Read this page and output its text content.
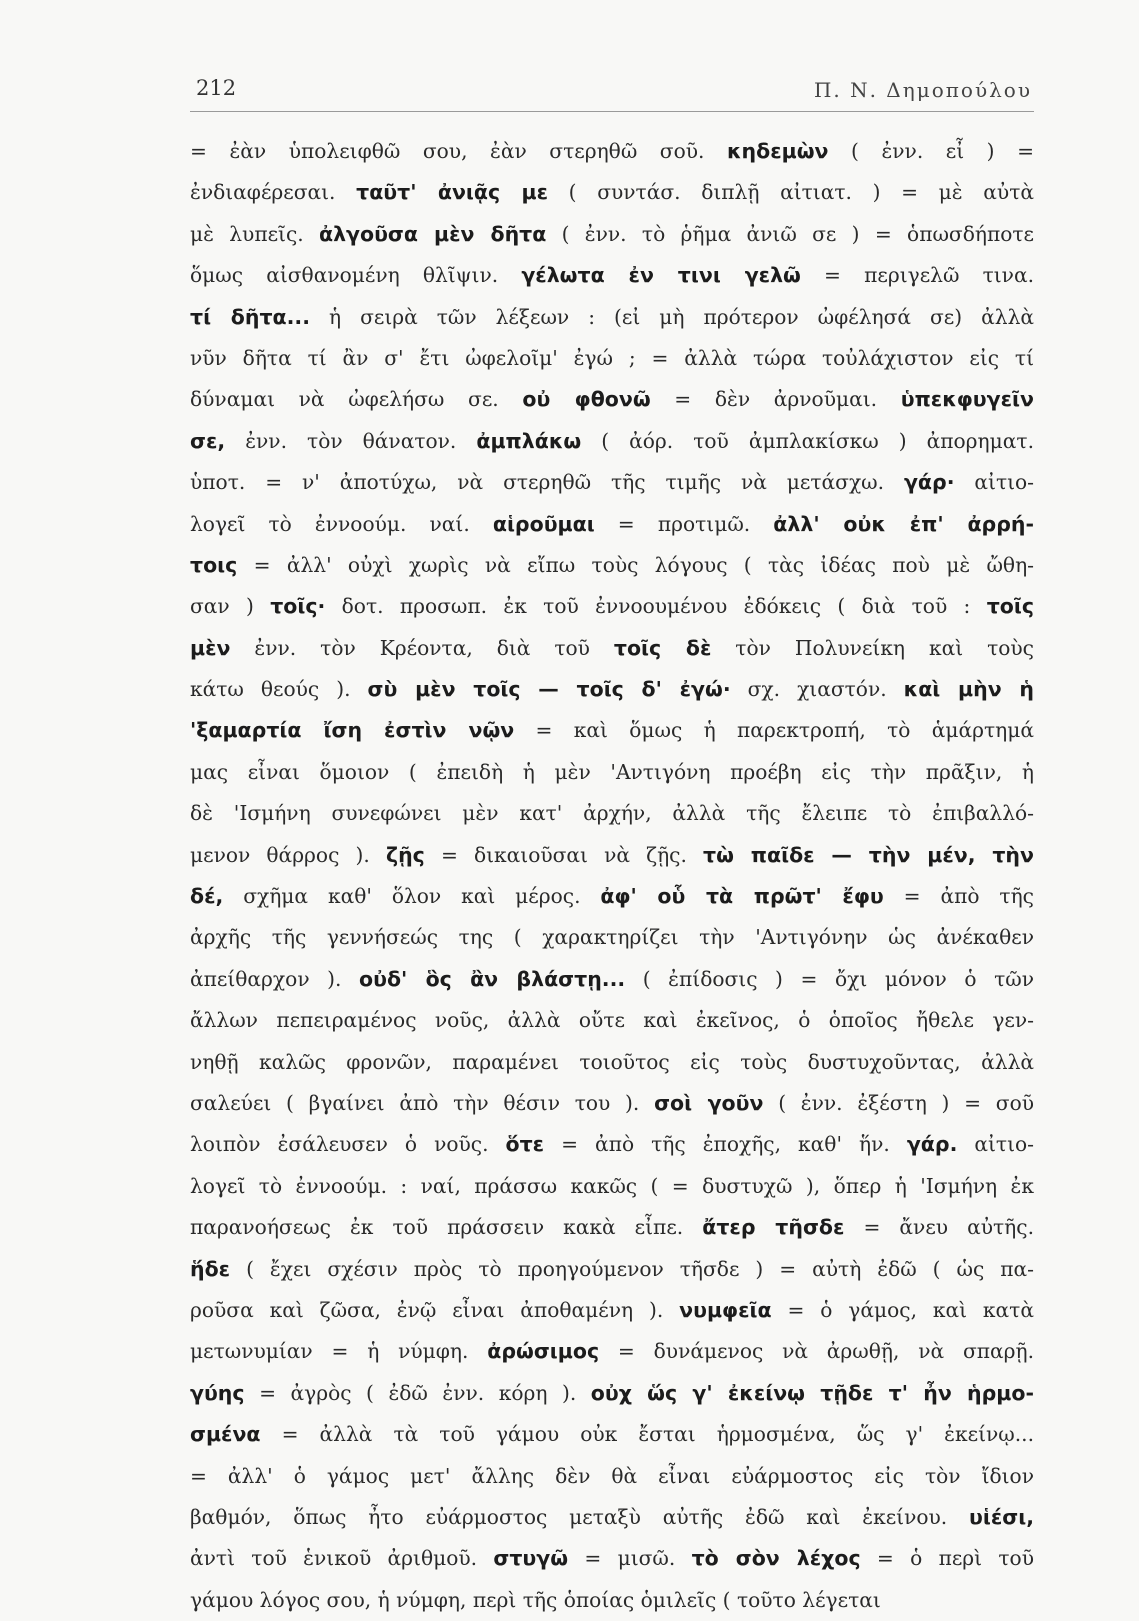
212	Π. Ν. Δημοπούλου
= ἐὰν ὑπολειφθῶ σου, ἐὰν στερηθῶ σοῦ. κηδεμὼν ( ἐνν. εἶ ) =
ἐνδιαφέρεσαι. ταῦτ' ἀνιᾷς με ( συντάσ. διπλῇ αἰτιατ. ) = μὲ αὐτὰ
μὲ λυπεῖς. ἀλγοῦσα μὲν δῆτα ( ἐνν. τὸ ῥῆμα ἀνιῶ σε ) = ὁπωσδήποτε
ὅμως αἰσθανομένη θλῖψιν. γέλωτα ἐν τινι γελῶ = περιγελῶ τινα.
τί δῆτα... ἡ σειρὰ τῶν λέξεων : (εἰ μὴ πρότερον ὠφέλησά σε) ἀλλὰ
νῦν δῆτα τί ἂν σ' ἔτι ὠφελοῖμ' ἐγώ ; = ἀλλὰ τώρα τοὐλάχιστον εἰς τί
δύναμαι νὰ ὠφελήσω σε. οὐ φθονῶ = δὲν ἀρνοῦμαι. ὑπεκφυγεῖν
σε, ἐνν. τὸν θάνατον. ἀμπλάκω ( ἀόρ. τοῦ ἀμπλακίσκω ) ἀπορηματ.
ὑποτ. = ν' ἀποτύχω, νὰ στερηθῶ τῆς τιμῆς νὰ μετάσχω. γάρ· αἰτιο-
λογεῖ τὸ ἐννοούμ. ναί. αἱροῦμαι = προτιμῶ. ἀλλ' οὐκ ἐπ' ἀρρή-
τοις = ἀλλ' οὐχὶ χωρὶς νὰ εἴπω τοὺς λόγους ( τὰς ἰδέας ποὺ μὲ ὤθη-
σαν ) τοῖς· δοτ. προσωπ. ἐκ τοῦ ἐννοουμένου ἐδόκεις ( διὰ τοῦ : τοῖς
μὲν ἐνν. τὸν Κρέοντα, διὰ τοῦ τοῖς δὲ τὸν Πολυνείκη καὶ τοὺς
κάτω θεούς ). σὺ μὲν τοῖς — τοῖς δ' ἐγώ· σχ. χιαστόν. καὶ μὴν ἡ
'ξαμαρτία ἴση ἐστὶν νῷν = καὶ ὅμως ἡ παρεκτροπή, τὸ ἁμάρτημά
μας εἶναι ὅμοιον ( ἐπειδὴ ἡ μὲν 'Αντιγόνη προέβη εἰς τὴν πρᾶξιν, ἡ
δὲ 'Ισμήνη συνεφώνει μὲν κατ' ἀρχήν, ἀλλὰ τῆς ἔλειπε τὸ ἐπιβαλλό-
μενον θάρρος ). ζῇς = δικαιοῦσαι νὰ ζῇς. τὼ παῖδε — τὴν μέν, τὴν
δέ, σχῆμα καθ' ὅλον καὶ μέρος. ἀφ' οὗ τὰ πρῶτ' ἔφυ = ἀπὸ τῆς
ἀρχῆς τῆς γεννήσεώς της ( χαρακτηρίζει τὴν 'Αντιγόνην ὡς ἀνέκαθεν
ἀπείθαρχον ). οὐδ' ὃς ἂν βλάστῃ... ( ἐπίδοσις ) = ὄχι μόνον ὁ τῶν
ἄλλων πεπειραμένος νοῦς, ἀλλὰ οὔτε καὶ ἐκεῖνος, ὁ ὁποῖος ἤθελε γεν-
νηθῇ καλῶς φρονῶν, παραμένει τοιοῦτος εἰς τοὺς δυστυχοῦντας, ἀλλὰ
σαλεύει ( βγαίνει ἀπὸ τὴν θέσιν του ). σοὶ γοῦν ( ἐνν. ἐξέστη ) = σοῦ
λοιπὸν ἐσάλευσεν ὁ νοῦς. ὅτε = ἀπὸ τῆς ἐποχῆς, καθ' ἥν. γάρ. αἰτιο-
λογεῖ τὸ ἐννοούμ. : ναί, πράσσω κακῶς ( = δυστυχῶ ), ὅπερ ἡ 'Ισμήνη ἐκ
παρανοήσεως ἐκ τοῦ πράσσειν κακὰ εἶπε. ἄτερ τῆσδε = ἄνευ αὐτῆς.
ἥδε ( ἔχει σχέσιν πρὸς τὸ προηγούμενον τῆσδε ) = αὐτὴ ἐδῶ ( ὡς πα-
ροῦσα καὶ ζῶσα, ἐνῷ εἶναι ἀποθαμένη ). νυμφεῖα = ὁ γάμος, καὶ κατὰ
μετωνυμίαν = ἡ νύμφη. ἀρώσιμος = δυνάμενος νὰ ἀρωθῇ, νὰ σπαρῇ.
γύης = ἀγρὸς ( ἐδῶ ἐνν. κόρη ). οὐχ ὥς γ' ἐκείνῳ τῇδε τ' ἦν ἡρμο-
σμένα = ἀλλὰ τὰ τοῦ γάμου οὐκ ἔσται ἡρμοσμένα, ὥς γ' ἐκείνῳ...
= ἀλλ' ὁ γάμος μετ' ἄλλης δὲν θὰ εἶναι εὐάρμοστος εἰς τὸν ἴδιον
βαθμόν, ὅπως ἦτο εὐάρμοστος μεταξὺ αὐτῆς ἐδῶ καὶ ἐκείνου. υἱέσι,
ἀντὶ τοῦ ἑνικοῦ ἀριθμοῦ. στυγῶ = μισῶ. τὸ σὸν λέχος = ὁ περὶ τοῦ
γάμου λόγος σου, ἡ νύμφη, περὶ τῆς ὁποίας ὁμιλεῖς ( τοῦτο λέγεται
